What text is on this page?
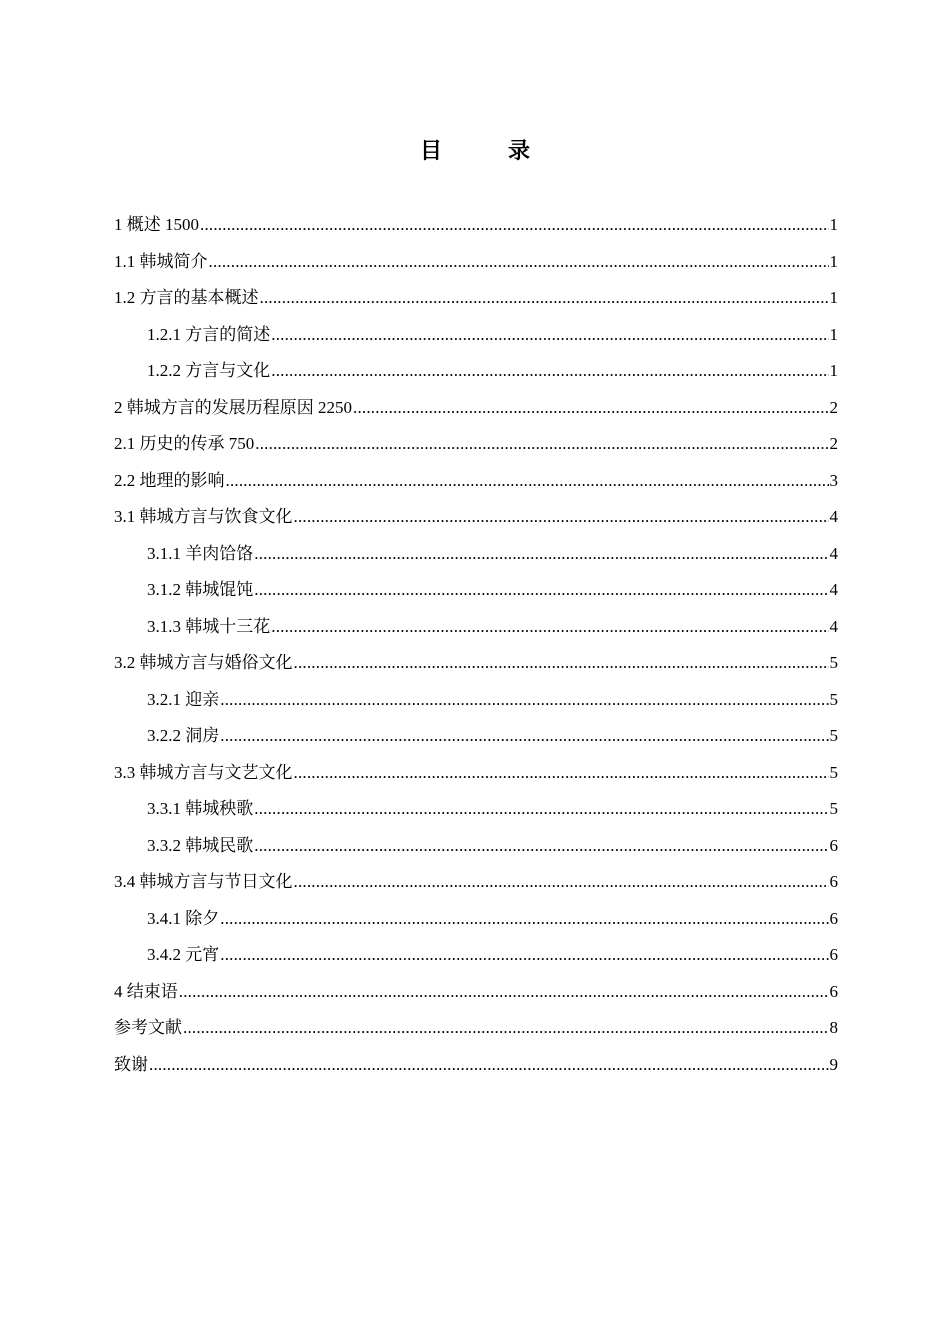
目　录
1 概述 1500 .....	1
1.1 韩城简介 .....	1
1.2 方言的基本概述 .....	1
1.2.1 方言的简述 .....	1
1.2.2 方言与文化 .....	1
2 韩城方言的发展历程原因 2250 .....	2
2.1 历史的传承 750 .....	2
2.2 地理的影响 .....	3
3.1 韩城方言与饮食文化 .....	4
3.1.1 羊肉饸饹 .....	4
3.1.2 韩城馄饨 .....	4
3.1.3 韩城十三花 .....	4
3.2 韩城方言与婚俗文化 .....	5
3.2.1 迎亲 .....	5
3.2.2 洞房 .....	5
3.3 韩城方言与文艺文化 .....	5
3.3.1 韩城秧歌 .....	5
3.3.2 韩城民歌 .....	6
3.4 韩城方言与节日文化 .....	6
3.4.1 除夕 .....	6
3.4.2 元宵 .....	6
4 结束语 .....	6
参考文献 .....	8
致谢 .....	9
